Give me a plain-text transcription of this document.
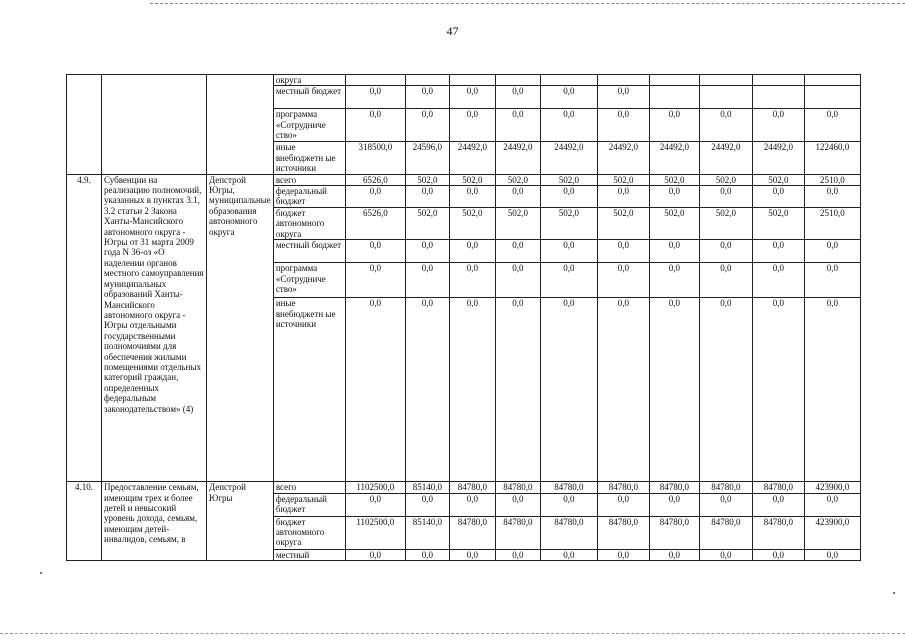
47
			округа										
			местный бюджет	0,0	0,0	0,0	0,0	0,0	0,0				
			программа «Сотрудниче ство»	0,0	0,0	0,0	0,0	0,0	0,0	0,0	0,0	0,0	0,0
			иные внебюджетн ые источники	318500,0	24596,0	24492,0	24492,0	24492,0	24492,0	24492,0	24492,0	24492,0	122460,0
4.9.	Субвенции на реализацию полномочий, указанных в пунктах 3.1, 3.2 статьи 2 Закона Ханты-Мансийского автономного округа - Югры от 31 марта 2009 года N 36-оз «О наделении органов местного самоуправления муниципальных образований Ханты-Мансийского автономного округа - Югры отдельными государственными полномочиями для обеспечения жилыми помещениями отдельных категорий граждан, определенных федеральным законодательством» (4)	Депстрой Югры, муниципальные образования автономного округа	всего	6526,0	502,0	502,0	502,0	502,0	502,0	502,0	502,0	502,0	2510,0
			федеральный бюджет	0,0	0,0	0,0	0,0	0,0	0,0	0,0	0,0	0,0	0,0
			бюджет автономного округа	6526,0	502,0	502,0	502,0	502,0	502,0	502,0	502,0	502,0	2510,0
			местный бюджет	0,0	0,0	0,0	0,0	0,0	0,0	0,0	0,0	0,0	0,0
			программа «Сотрудниче ство»	0,0	0,0	0,0	0,0	0,0	0,0	0,0	0,0	0,0	0,0
			иные внебюджетн ые источники	0,0	0,0	0,0	0,0	0,0	0,0	0,0	0,0	0,0	0,0
4.10.	Предоставление семьям, имеющим трех и более детей и невысокий уровень дохода, семьям, имеющим детей-инвалидов, семьям, в	Депстрой Югры	всего	1102500,0	85140,0	84780,0	84780,0	84780,0	84780,0	84780,0	84780,0	84780,0	423900,0
			федеральный бюджет	0,0	0,0	0,0	0,0	0,0	0,0	0,0	0,0	0,0	0,0
			бюджет автономного округа	1102500,0	85140,0	84780,0	84780,0	84780,0	84780,0	84780,0	84780,0	84780,0	423900,0
			местный	0,0	0,0	0,0	0,0	0,0	0,0	0,0	0,0	0,0	0,0
